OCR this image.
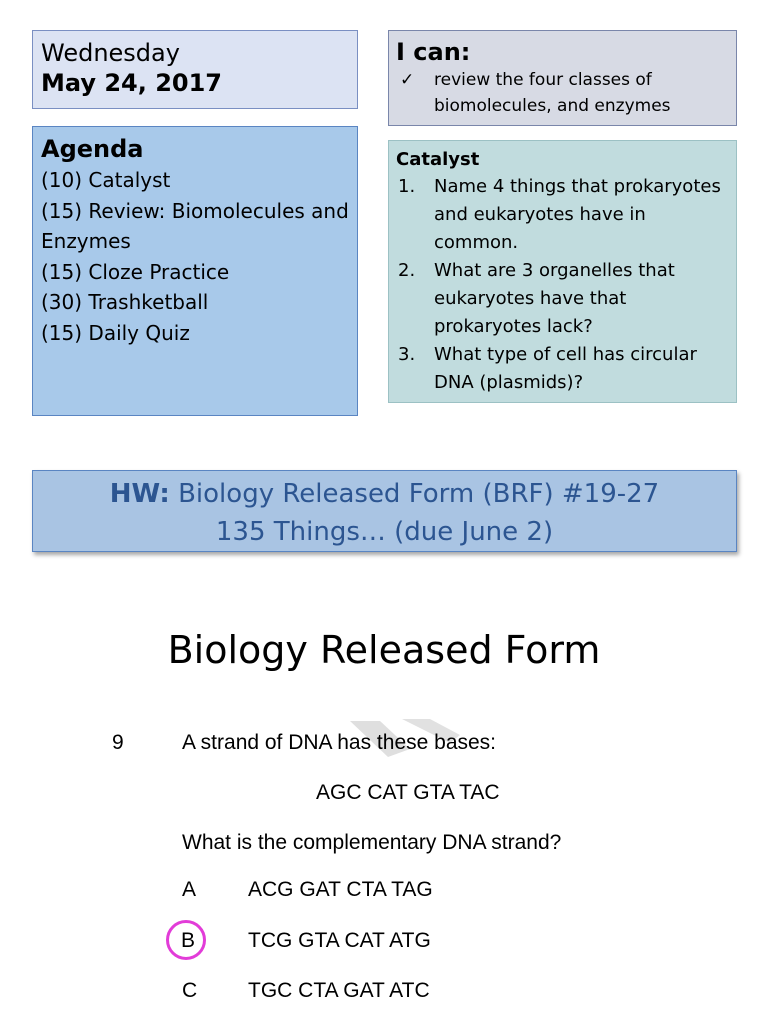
Wednesday
May 24, 2017
Agenda
(10) Catalyst
(15) Review: Biomolecules and Enzymes
(15) Cloze Practice
(30) Trashketball
(15) Daily Quiz
I can:
✓ review the four classes of biomolecules, and enzymes
Catalyst
1. Name 4 things that prokaryotes and eukaryotes have in common.
2. What are 3 organelles that eukaryotes have that prokaryotes lack?
3. What type of cell has circular DNA (plasmids)?
HW: Biology Released Form (BRF) #19-27
135 Things… (due June 2)
Biology Released Form
9	A strand of DNA has these bases:
AGC CAT GTA TAC
What is the complementary DNA strand?
A ACG GAT CTA TAG
B	TCG GTA CAT ATG
C TGC CTA GAT ATC
